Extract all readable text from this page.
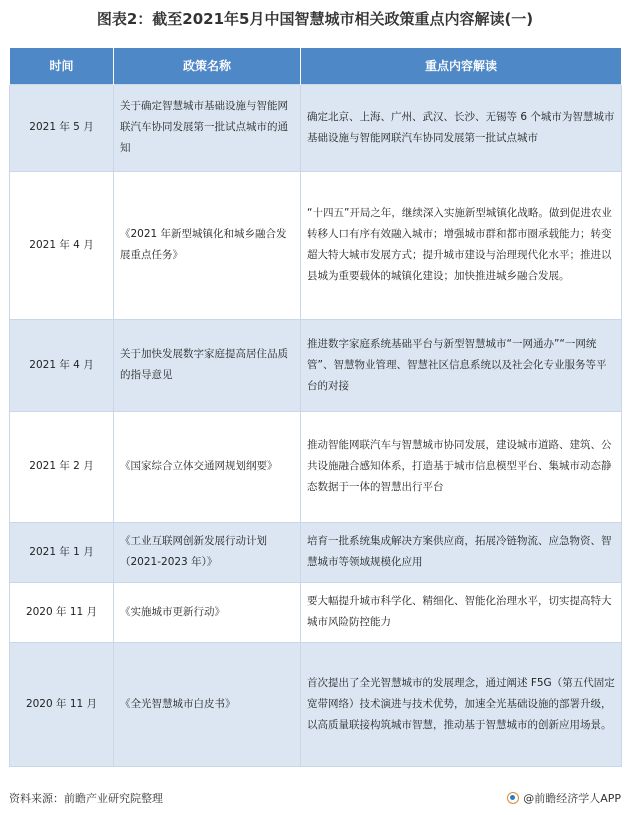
图表2：截至2021年5月中国智慧城市相关政策重点内容解读(一)
时间	政策名称	重点内容解读
2021 年 5 月	关于确定智慧城市基础设施与智能网联汽车协同发展第一批试点城市的通知	确定北京、上海、广州、武汉、长沙、无锡等 6 个城市为智慧城市基础设施与智能网联汽车协同发展第一批试点城市
2021 年 4 月	《2021 年新型城镇化和城乡融合发展重点任务》	“十四五”开局之年，继续深入实施新型城镇化战略。做到促进农业转移人口有序有效融入城市；增强城市群和都市圈承载能力；转变超大特大城市发展方式；提升城市建设与治理现代化水平；推进以县城为重要载体的城镇化建设；加快推进城乡融合发展。
2021 年 4 月	关于加快发展数字家庭提高居住品质的指导意见	推进数字家庭系统基础平台与新型智慧城市“一网通办”“一网统管”、智慧物业管理、智慧社区信息系统以及社会化专业服务等平台的对接
2021 年 2 月	《国家综合立体交通网规划纲要》	推动智能网联汽车与智慧城市协同发展，建设城市道路、建筑、公共设施融合感知体系，打造基于城市信息模型平台、集城市动态静态数据于一体的智慧出行平台
2021 年 1 月	《工业互联网创新发展行动计划（2021-2023 年）》	培育一批系统集成解决方案供应商，拓展冷链物流、应急物资、智慧城市等领域规模化应用
2020 年 11 月	《实施城市更新行动》	要大幅提升城市科学化、精细化、智能化治理水平，切实提高特大城市风险防控能力
2020 年 11 月	《全光智慧城市白皮书》	首次提出了全光智慧城市的发展理念，通过阐述 F5G（第五代固定宽带网络）技术演进与技术优势，加速全光基础设施的部署升级，以高质量联接构筑城市智慧，推动基于智慧城市的创新应用场景。
资料来源：前瞻产业研究院整理	@前瞻经济学人APP
